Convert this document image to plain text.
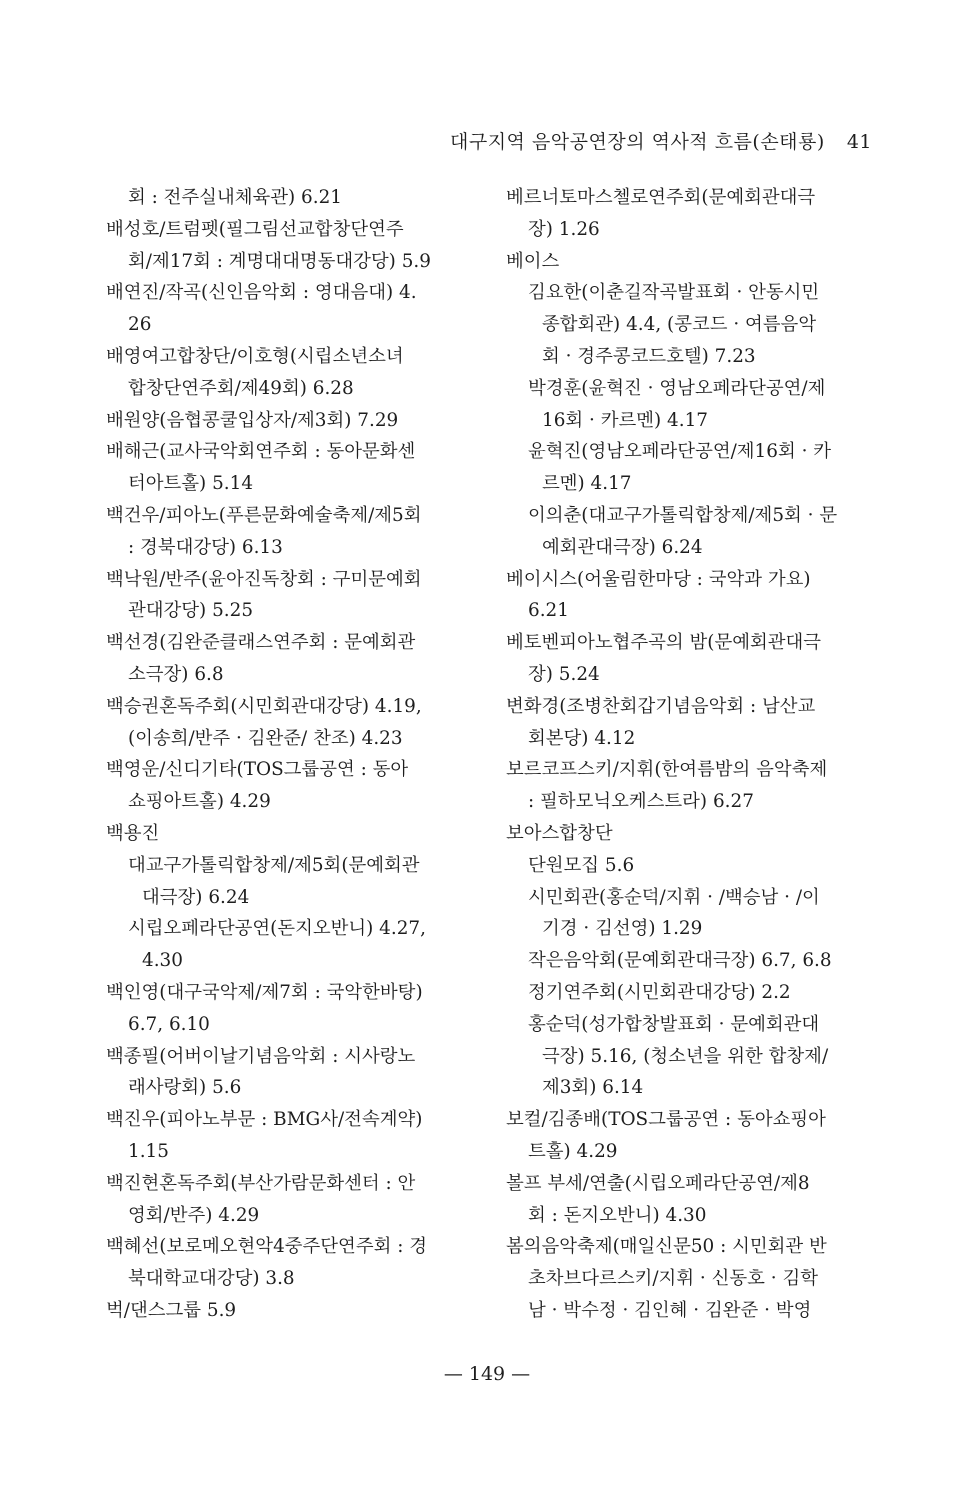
대구지역 음악공연장의 역사적 흐름(손태룡) 41
회 : 전주실내체육관) 6.21
배성호/트럼펫(필그림선교합창단연주
회/제17회 : 계명대대명동대강당) 5.9
배연진/작곡(신인음악회 : 영대음대) 4.
26
배영여고합창단/이호형(시립소년소녀
합창단연주회/제49회) 6.28
배원양(음협콩쿨입상자/제3회) 7.29
배해근(교사국악회연주회 : 동아문화센
터아트홀) 5.14
백건우/피아노(푸른문화예술축제/제5회
: 경북대강당) 6.13
백낙원/반주(윤아진독창회 : 구미문예회
관대강당) 5.25
백선경(김완준클래스연주회 : 문예회관
소극장) 6.8
백승권혼독주회(시민회관대강당) 4.19,
(이송희/반주 · 김완준/ 찬조) 4.23
백영운/신디기타(TOS그룹공연 : 동아
쇼핑아트홀) 4.29
백용진
대교구가톨릭합창제/제5회(문예회관
대극장) 6.24
시립오페라단공연(돈지오반니) 4.27,
4.30
백인영(대구국악제/제7회 : 국악한바탕)
6.7, 6.10
백종필(어버이날기념음악회 : 시사랑노
래사랑회) 5.6
백진우(피아노부문 : BMG사/전속계약)
1.15
백진현혼독주회(부산가람문화센터 : 안
영회/반주) 4.29
백혜선(보로메오현악4중주단연주회 : 경
북대학교대강당) 3.8
벅/댄스그룹 5.9
베르너토마스첼로연주회(문예회관대극
장) 1.26
베이스
김요한(이춘길작곡발표회 · 안동시민
종합회관) 4.4, (콩코드 · 여름음악
회 · 경주콩코드호텔) 7.23
박경훈(윤혁진 · 영남오페라단공연/제
16회 · 카르멘) 4.17
윤혁진(영남오페라단공연/제16회 · 카
르멘) 4.17
이의춘(대교구가톨릭합창제/제5회 · 문
예회관대극장) 6.24
베이시스(어울림한마당 : 국악과 가요)
6.21
베토벤피아노협주곡의 밤(문예회관대극
장) 5.24
변화경(조병찬회갑기념음악회 : 남산교
회본당) 4.12
보르코프스키/지휘(한여름밤의 음악축제
: 필하모닉오케스트라) 6.27
보아스합창단
단원모집 5.6
시민회관(홍순덕/지휘 · /백승남 · /이
기경 · 김선영) 1.29
작은음악회(문예회관대극장) 6.7, 6.8
정기연주회(시민회관대강당) 2.2
홍순덕(성가합창발표회 · 문예회관대
극장) 5.16, (청소년을 위한 합창제/
제3회) 6.14
보컬/김종배(TOS그룹공연 : 동아쇼핑아
트홀) 4.29
볼프 부세/연출(시립오페라단공연/제8
회 : 돈지오반니) 4.30
봄의음악축제(매일신문50 : 시민회관 반
초차브다르스키/지휘 · 신동호 · 김학
남 · 박수정 · 김인혜 · 김완준 · 박영
— 149 —
